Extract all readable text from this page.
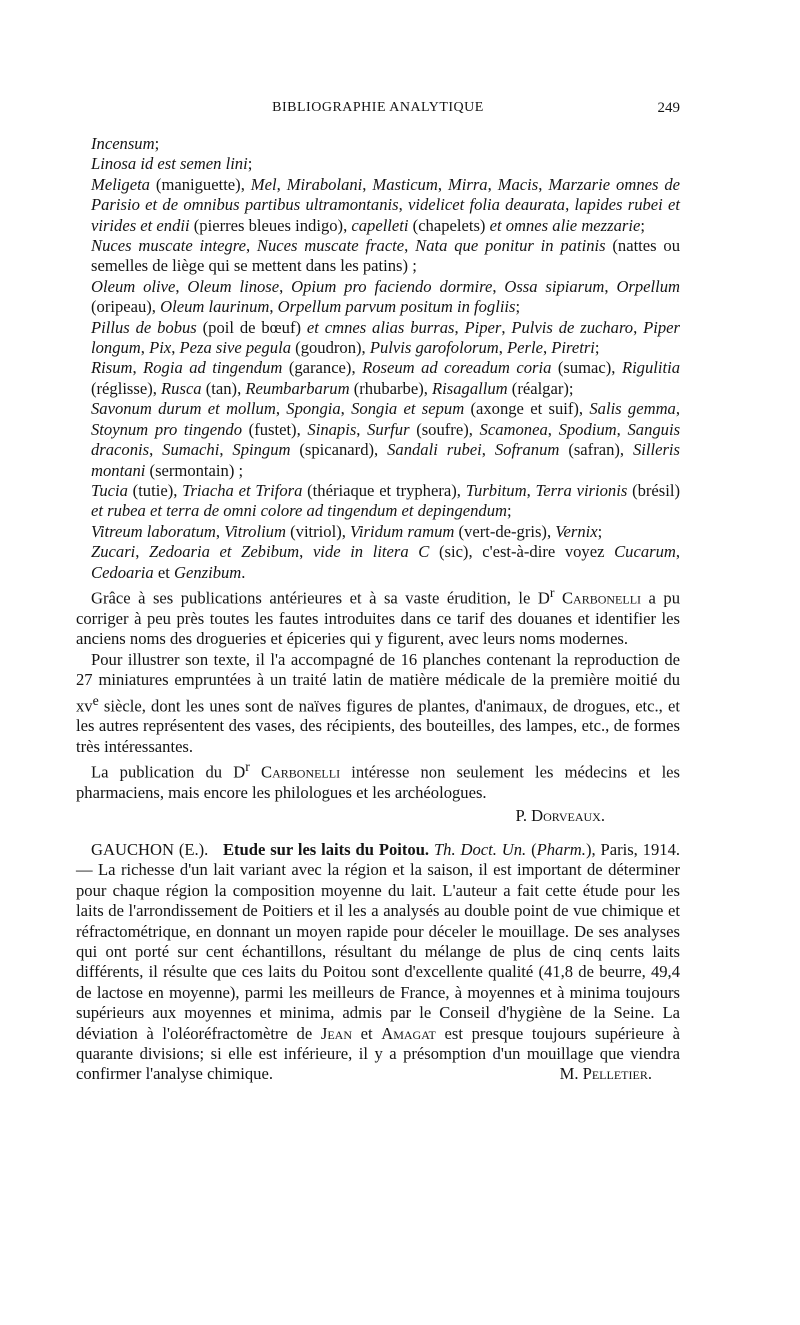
BIBLIOGRAPHIE ANALYTIQUE	249

Incensum;

Linosa id est semen lini;

Meligeta (maniguette), Mel, Mirabolani, Masticum, Mirra, Macis, Marzarie omnes de Parisio et de omnibus partibus ultramontanis, videlicet folia deaurata, lapides rubei et virides et endii (pierres bleues indigo), capelleti (chapelets) et omnes alie mezzarie;

Nuces muscate integre, Nuces muscate fracte, Nata que ponitur in patinis (nattes ou semelles de liège qui se mettent dans les patins) ;

Oleum olive, Oleum linose, Opium pro faciendo dormire, Ossa sipiarum, Orpellum (oripeau), Oleum laurinum, Orpellum parvum positum in fogliis;

Pillus de bobus (poil de bœuf) et cmnes alias burras, Piper, Pulvis de zucharo, Piper longum, Pix, Peza sive pegula (goudron), Pulvis garofolorum, Perle, Piretri;

Risum, Rogia ad tingendum (garance), Roseum ad coreadum coria (sumac), Rigulitia (réglisse), Rusca (tan), Reumbarbarum (rhubarbe), Risagallum (réalgar);

Savonum durum et mollum, Spongia, Songia et sepum (axonge et suif), Salis gemma, Stoynum pro tingendo (fustet), Sinapis, Surfur (soufre), Scamonea, Spodium, Sanguis draconis, Sumachi, Spingum (spicanard), Sandali rubei, Sofranum (safran), Silleris montani (sermontain) ;

Tucia (tutie), Triacha et Trifora (thériaque et tryphera), Turbitum, Terra virionis (brésil) et rubea et terra de omni colore ad tingendum et depingendum;

Vitreum laboratum, Vitrolium (vitriol), Viridum ramum (vert-de-gris), Vernix;

Zucari, Zedoaria et Zebibum, vide in litera C (sic), c'est-à-dire voyez Cucarum, Cedoaria et Genzibum.

Grâce à ses publications antérieures et à sa vaste érudition, le $D^r$ Carbonelli a pu corriger à peu près toutes les fautes introduites dans ce tarif des douanes et identifier les anciens noms des drogueries et épiceries qui y figurent, avec leurs noms modernes.

Pour illustrer son texte, il l'a accompagné de 16 planches contenant la reproduction de 27 miniatures empruntées à un traité latin de matière médicale de la première moitié du $xv^e$ siècle, dont les unes sont de naïves figures de plantes, d'animaux, de drogues, etc., et les autres représentent des vases, des récipients, des bouteilles, des lampes, etc., de formes très intéressantes.

La publication du $D^r$ Carbonelli intéresse non seulement les médecins et les pharmaciens, mais encore les philologues et les archéologues.

P. Dorveaux.

GAUCHON (E.). Etude sur les laits du Poitou. Th. Doct. Un. (Pharm.), Paris, 1914. — La richesse d'un lait variant avec la région et la saison, il est important de déterminer pour chaque région la composition moyenne du lait. L'auteur a fait cette étude pour les laits de l'arrondissement de Poitiers et il les a analysés au double point de vue chimique et réfractométrique, en donnant un moyen rapide pour déceler le mouillage. De ses analyses qui ont porté sur cent échantillons, résultant du mélange de plus de cinq cents laits différents, il résulte que ces laits du Poitou sont d'excellente qualité (41,8 de beurre, 49,4 de lactose en moyenne), parmi les meilleurs de France, à moyennes et à minima toujours supérieurs aux moyennes et minima, admis par le Conseil d'hygiène de la Seine. La déviation à l'oléoréfractomètre de Jean et Amagat est presque toujours supérieure à quarante divisions; si elle est inférieure, il y a présomption d'un mouillage que viendra confirmer l'analyse chimique.	M. Pelletier.
